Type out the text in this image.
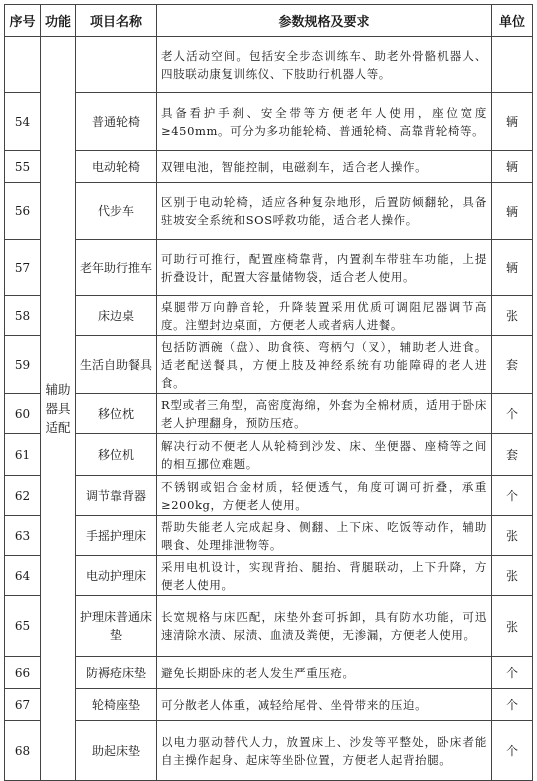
序号	功能	项目名称	参数规格及要求	单位

	辅助器具适配		老人活动空间。包括安全步态训练车、助老外骨骼机器人、四肢联动康复训练仪、下肢助行机器人等。	
54		普通轮椅	具备看护手刹、安全带等方便老年人使用，座位宽度≥450mm。可分为多功能轮椅、普通轮椅、高靠背轮椅等。	辆
55		电动轮椅	双锂电池，智能控制，电磁刹车，适合老人操作。	辆
56		代步车	区别于电动轮椅，适应各种复杂地形，后置防倾翻轮，具备驻坡安全系统和SOS呼救功能，适合老人操作。	辆
57		老年助行推车	可助行可推行，配置座椅靠背，内置刹车带驻车功能，上提折叠设计，配置大容量储物袋，适合老人使用。	辆
58		床边桌	桌腿带万向静音轮，升降装置采用优质可调阻尼器调节高度。注塑封边桌面，方便老人或者病人进餐。	张
59		生活自助餐具	包括防洒碗（盘）、助食筷、弯柄勺（叉），辅助老人进食。适老配送餐具，方便上肢及神经系统有功能障碍的老人进食。	套
60		移位枕	R型或者三角型，高密度海绵，外套为全棉材质，适用于卧床老人护理翻身，预防压疮。	个
61		移位机	解决行动不便老人从轮椅到沙发、床、坐便器、座椅等之间的相互挪位难题。	套
62		调节靠背器	不锈钢或铝合金材质，轻便透气，角度可调可折叠，承重≥200kg，方便老人使用。	个
63		手摇护理床	帮助失能老人完成起身、侧翻、上下床、吃饭等动作，辅助喂食、处理排泄物等。	张
64		电动护理床	采用电机设计，实现背抬、腿抬、背腿联动，上下升降，方便老人使用。	张
65		护理床普通床垫	长宽规格与床匹配，床垫外套可拆卸，具有防水功能，可迅速清除水渍、尿渍、血渍及粪便，无渗漏，方便老人使用。	张
66		防褥疮床垫	避免长期卧床的老人发生严重压疮。	个
67		轮椅座垫	可分散老人体重，减轻给尾骨、坐骨带来的压迫。	个
68		助起床垫	以电力驱动替代人力，放置床上、沙发等平整处，卧床者能自主操作起身、起床等坐卧位置，方便老人起背抬腿。	个
